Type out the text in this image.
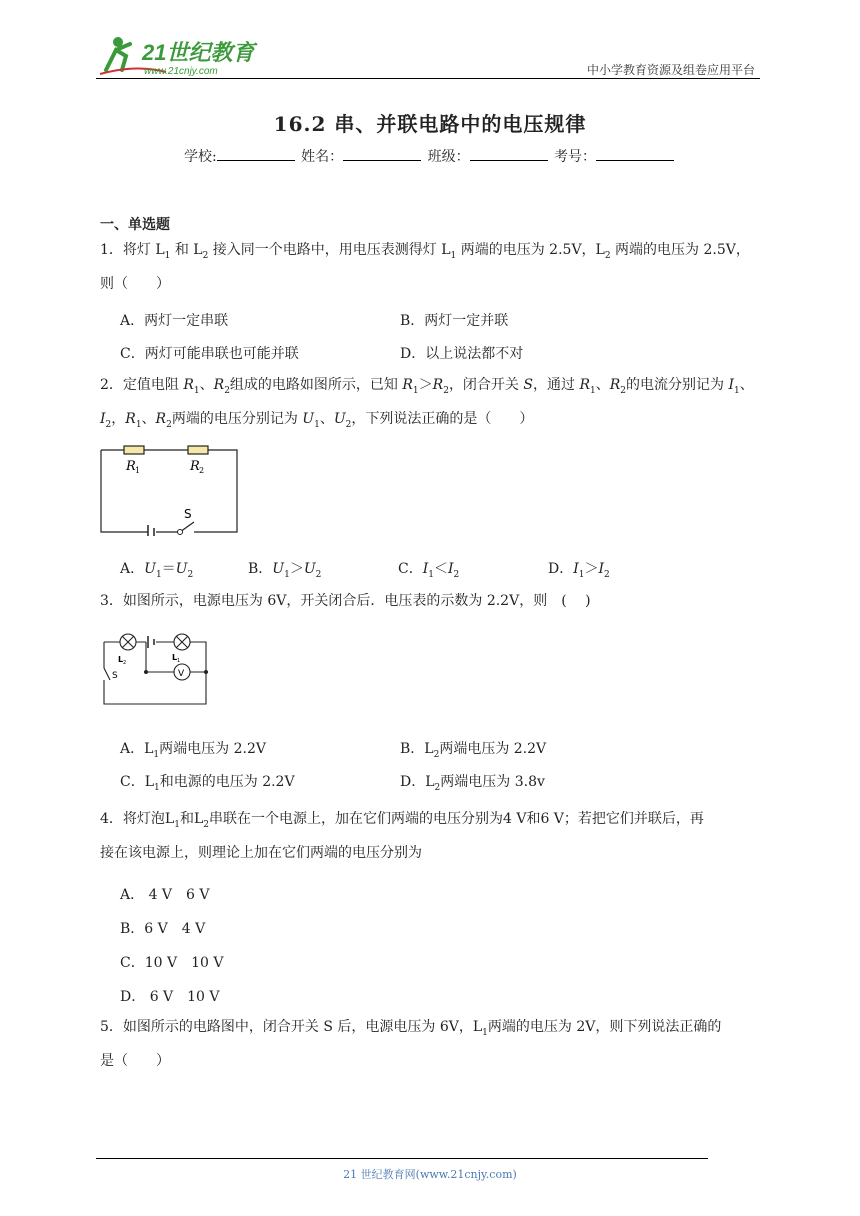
21世纪教育
www.21cnjy.com	中小学教育资源及组卷应用平台
16.2 串、并联电路中的电压规律
学校:	姓名：	班级：	考号：
一、单选题
1．将灯 $L_1$ 和 $L_2$ 接入同一个电路中，用电压表测得灯 $L_1$ 两端的电压为 2.5V，$L_2$ 两端的电压为 2.5V，
则（　　）
A．两灯一定串联	B．两灯一定并联
C．两灯可能串联也可能并联	D．以上说法都不对
2．定值电阻 $R_1$、$R_2$组成的电路如图所示，已知 $R_1>R_2$，闭合开关 S，通过 $R_1$、$R_2$的电流分别记为 $I_1$、
$I_2$，$R_1$、$R_2$两端的电压分别记为 $U_1$、$U_2$，下列说法正确的是（　　）
R 1	R 2
S
A．$U_1=U_2$	B．$U_1>U_2$	C．$I_1<I_2$	D．$I_1>I_2$
3．如图所示，电源电压为 6V，开关闭合后．电压表的示数为 2.2V，则　(　 )
L 2
L 1
S	V
A．$L_1$两端电压为 2.2V	B．$L_2$两端电压为 2.2V
C．$L_1$和电源的电压为 2.2V	D．$L_2$两端电压为 3.8v
4．将灯泡$L_1$和$L_2$串联在一个电源上，加在它们两端的电压分别为4 V和6 V；若把它们并联后，再
接在该电源上，则理论上加在它们两端的电压分别为
A． 4 V　6 V
B．6 V　4 V
C．10 V　10 V
D． 6 V　10 V
5．如图所示的电路图中，闭合开关 S 后，电源电压为 6V，$L_1$两端的电压为 2V，则下列说法正确的
是（　　）
21 世纪教育网(www.21cnjy.com)
